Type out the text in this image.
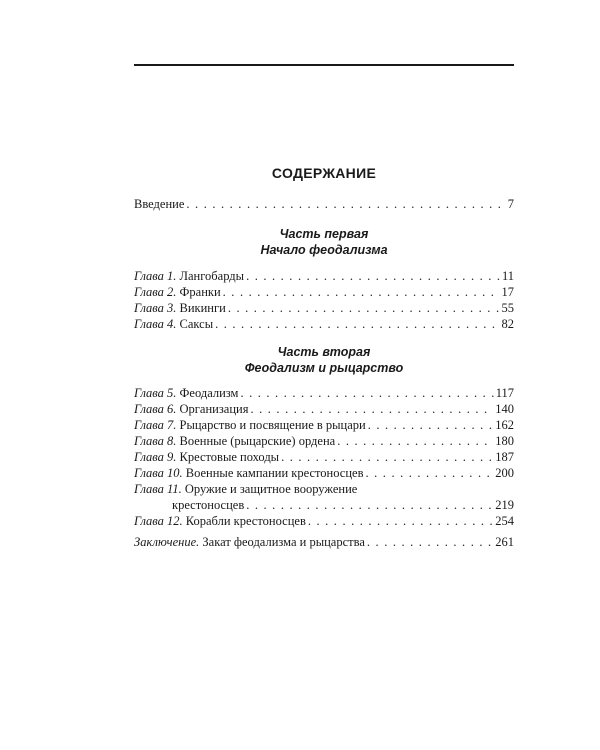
СОДЕРЖАНИЕ
Введение . . .	7
Часть первая
Начало феодализма
Глава 1. Лангобарды . . .	11
Глава 2. Франки . . .	17
Глава 3. Викинги . . .	55
Глава 4. Саксы . . .	82
Часть вторая
Феодализм и рыцарство
Глава 5. Феодализм . . .	117
Глава 6. Организация . . .	140
Глава 7. Рыцарство и посвящение в рыцари . . .	162
Глава 8. Военные (рыцарские) ордена . . .	180
Глава 9. Крестовые походы . . .	187
Глава 10. Военные кампании крестоносцев . . .	200
Глава 11. Оружие и защитное вооружение
крестоносцев . . .	219
Глава 12. Корабли крестоносцев . . .	254
Заключение. Закат феодализма и рыцарства . . .	261
